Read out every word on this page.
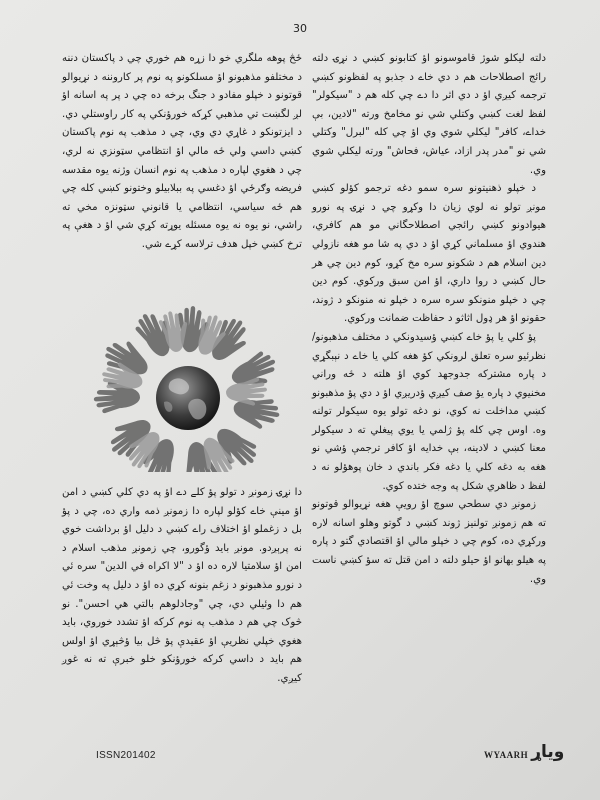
30

دلته لیکلو شوژ قاموسونو اؤ کتابونو کښي د نړۍ دلته رائج اصطلاحات هم د دي خاے د جذبو په لفظونو کښي ترجمه کیږي اؤ د دي اثر دا دے چي کله هم د "سیکولر" لفظ لغت کښي وکتلي شي نو مخامخ ورته "لادین، بې خداے، کافر" لیکلي شوي وي اؤ چي کله "لبرل" وکتلي شي نو "مدر پدر ازاد، عیاش، فحاش" ورته لیکلي شوي وي.

د خپلو ذهنیتونو سره سمو دغه ترجمو کؤلو کښي مونږ تولو نه لوي زیان دا وکړو چي د نړۍ په نورو هیوادونو کښي رائجي اصطلاحگاني مو هم کافري، هندوي اؤ مسلماني کړي اؤ د دي په شا مو هغه نازولي دین اسلام هم د شکونو سره مخ کړو، کوم دین چي هر حال کښي د روا داري، اؤ امن سبق ورکوي. کوم دین چي د خپلو منونکو سره سره د خپلو نه منونکو د ژوند، حقونو اؤ هر ډول اثاثو د حفاظت ضمانت ورکوي.

پؤ کلي یا پؤ خاے کښي ؤسیدونکي د مختلف مذهبونو/نظرئیو سره تعلق لرونکي کؤ هغه کلي یا خاے د نېبگړي د پاره مشترکه جدوجهد کوي اؤ هلته د ځه وراني مخنیوي د پاره یؤ صف کیږي ؤدریږي اؤ د دي پؤ مذهبونو کښي مداخلت نه کوي، نو دغه تولو یوه سیکولر تولنه وه. اوس چي کله پؤ ژلمي یا یوي پیغلي ته د سیکولر معنا کښي د لادینه، بې خدایه اؤ کافر ترجمې ؤشي نو هغه به دغه کلي یا دغه فکر باندي د خان پوهؤلو نه د لفظ د ظاهري شکل په وجه ختده کوي.

زمونږ دي سطحي سوچ اؤ رویې هغه نړیوالو قوتونو ته هم زمونږ تولنیز ژوند کښي د گوتو وهلو اسانه لاره ورکړي ده، کوم چي د خپلو مالي اؤ اقتصادي گتو د پاره په هیلو بهانو اؤ حیلو دلته د امن قتل ته سؤ کښي ناست وي.

ځڅ پوهه ملگري خو دا زړه هم خوري چي د پاکستان دننه د مختلفو مذهبونو اؤ مسلکونو په نوم پر کاروننه د نړیوالو قوتونو د خپلو مفادو د جنگ برخه ده چي د پر په اسانه اؤ لږ لگښت تي مذهبي کړکه خورؤنکي په کار راوستلي دي. د ایزتونکو د غاړي دي وي، چي د مذهب په نوم پاکستان کښي داسي ولي ځه مالي اؤ انتظامي سټونزي نه لري، چي د هغوي لپاره د مذهب په نوم انسان وژنه یوه مقدسه فریضه وګرځي اؤ دغسي په ببلابیلو وختونو کښي کله چي هم ځه سیاسي، انتظامي یا قانوني سټونزه مخي ته راشي، نو یوه نه یوه مسئله یوړته کړي شي اؤ د هغې په ترخ کښي خپل هدف ترلاسه کړے شي.

دا نړۍ زمونږ د تولو پؤ کلے دے اؤ په دي کلي کښي د امن اؤ مینې خاے کؤلو لپاره دا زمونږ ذمه واري ده، چي د پؤ بل د زغملو اؤ اختلاف راے کښي د دلیل اؤ برداشت خوي نه پرېږدو. مونږ باید ؤگورو، چي زمونږ مذهب اسلام د امن اؤ سلامتیا لاره ده اؤ د "لا اکراه في الدین" سره ئي د نورو مذهبونو د زغم بنونه کړي ده اؤ د دلیل په وخت ئي هم دا وئیلي دي، چي "وجادلوهم بالتي هي احسن". نو څوک چي هم د مذهب په نوم کرکه اؤ تشدد خوروي، باید هغوي خپلي نظریې اؤ عقیدې پؤ څل بیا ؤڅېړي اؤ اولس هم باید د داسي کرکه خورؤنکو خلو خبرې ته نه غوږ کیږي.

ISSN201402	WYAARH وياړ
